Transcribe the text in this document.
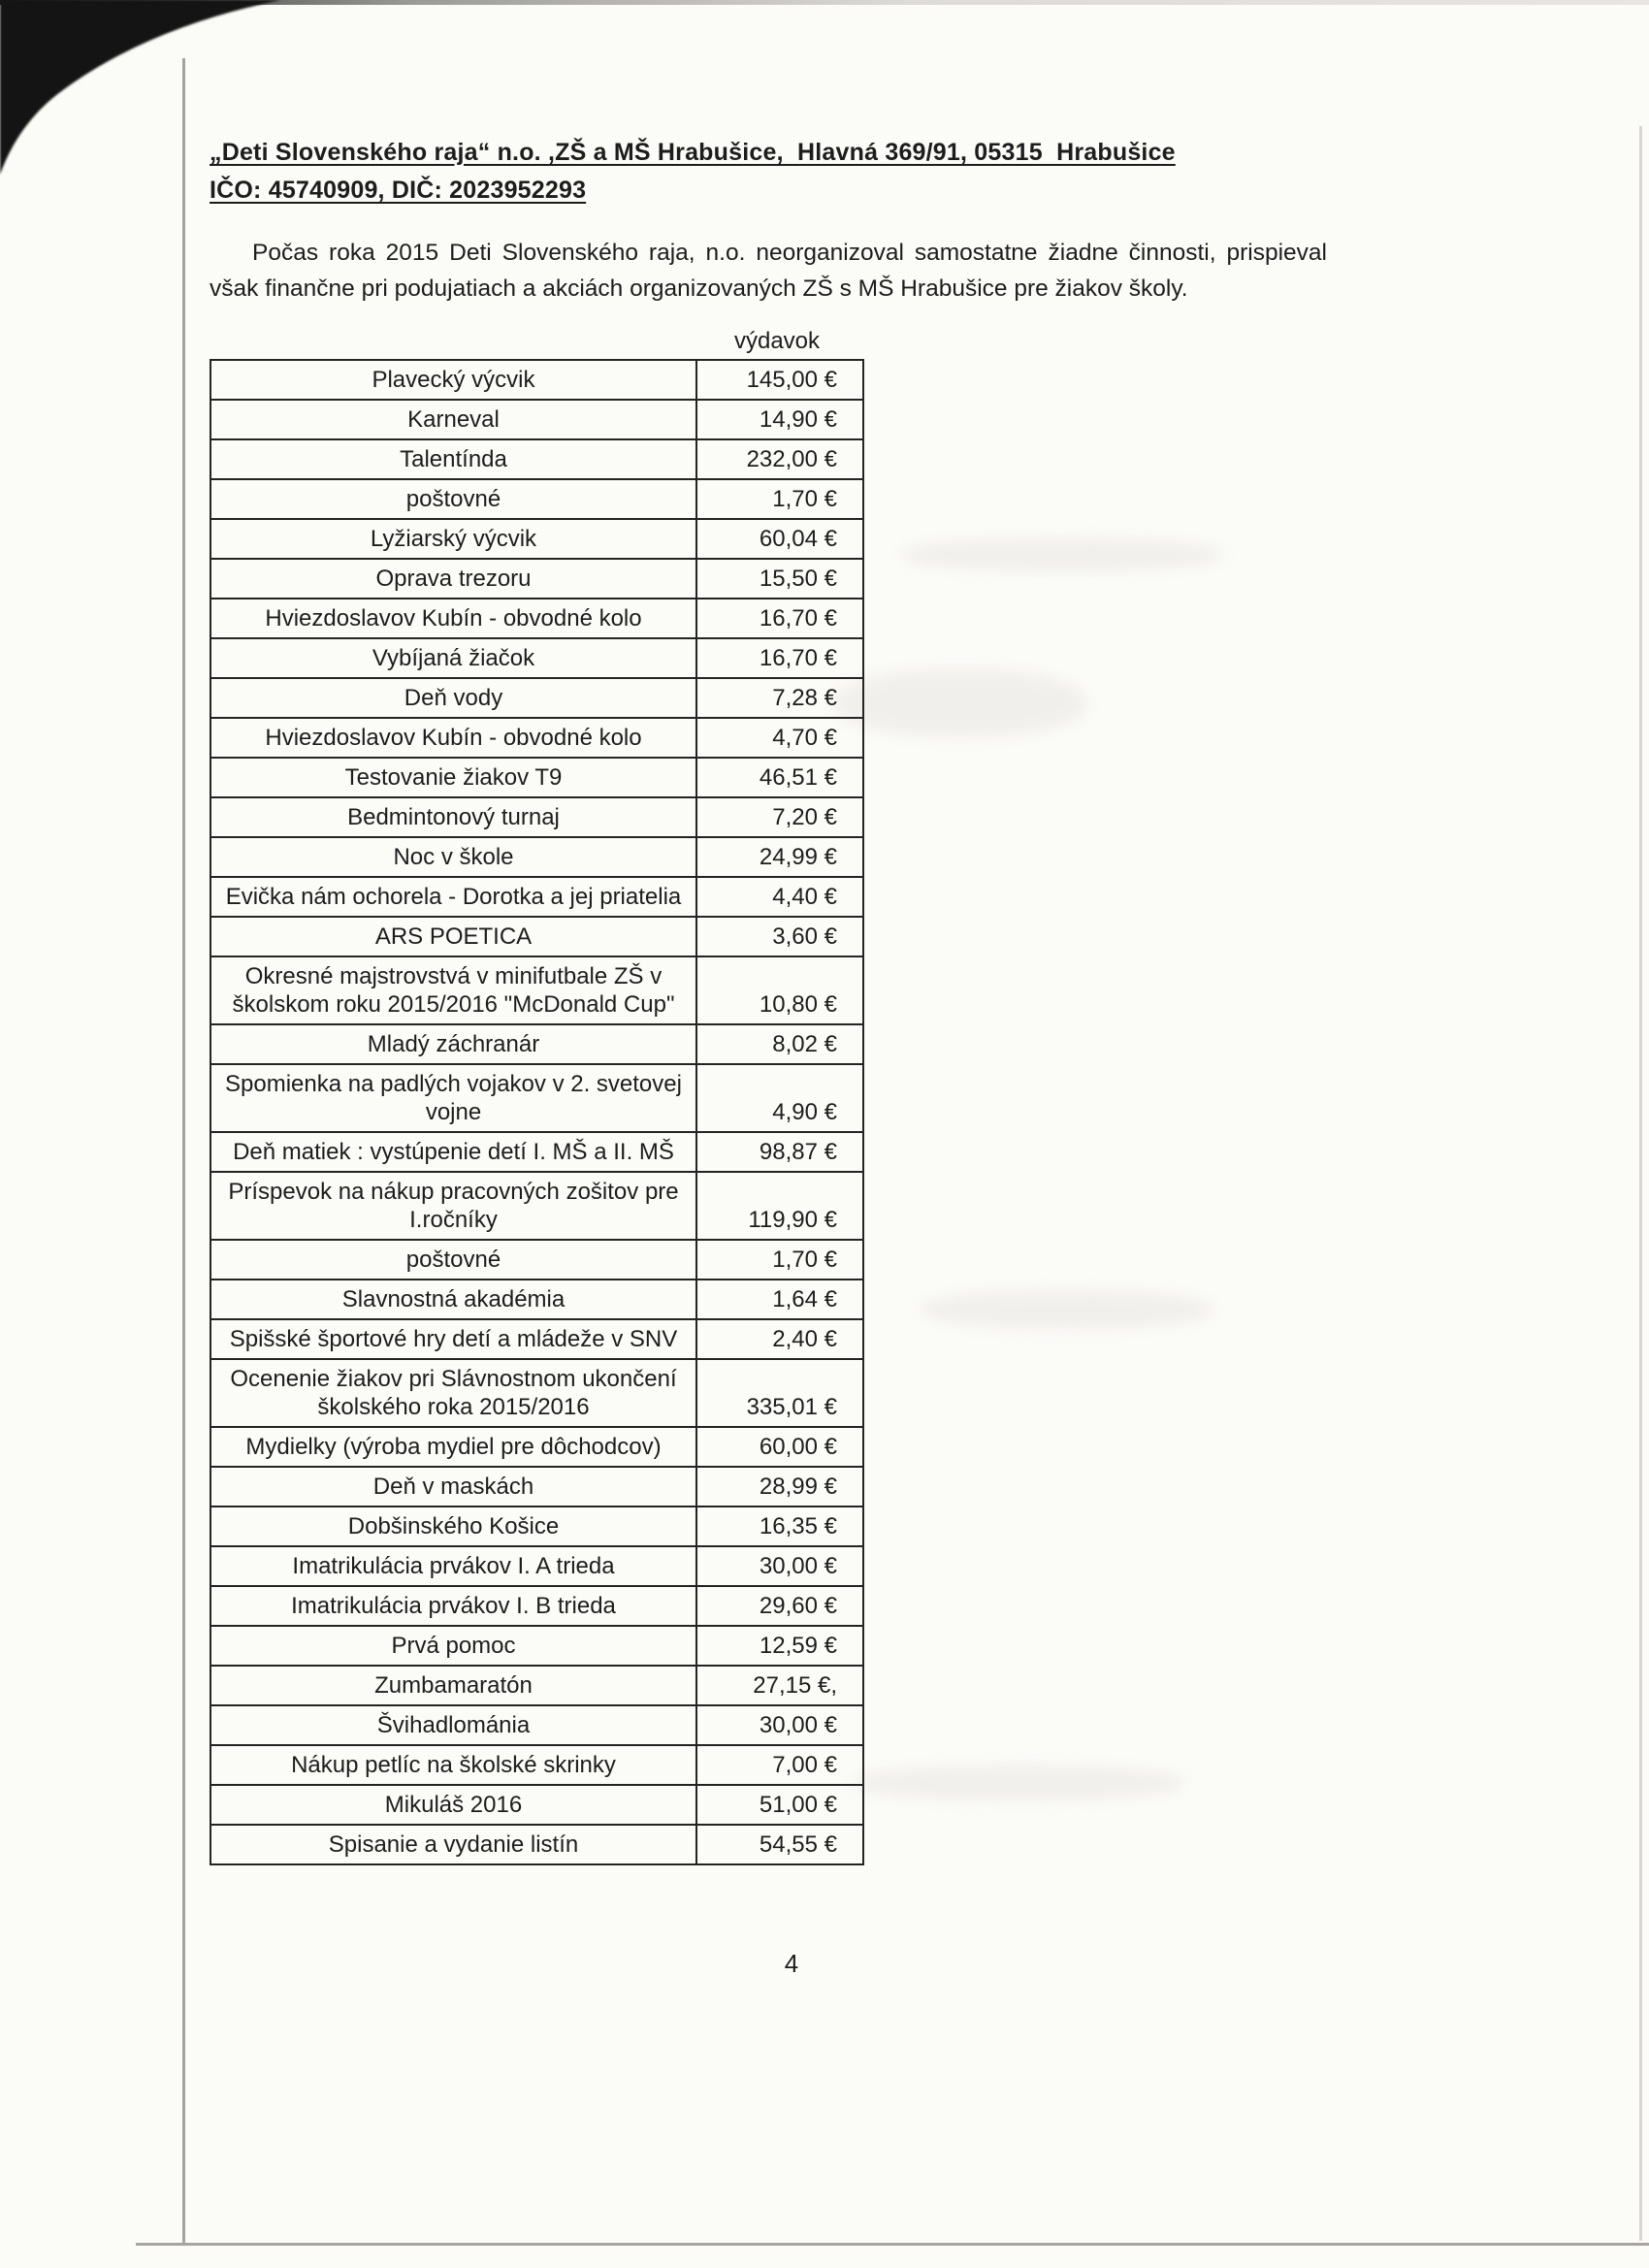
„Deti Slovenského raja“ n.o. ,ZŠ a MŠ Hrabušice,  Hlavná 369/91, 05315  Hrabušice
IČO: 45740909, DIČ: 2023952293

Počas roka 2015 Deti Slovenského raja, n.o. neorganizoval samostatne žiadne činnosti, prispieval však finančne pri podujatiach a akciách organizovaných ZŠ s MŠ Hrabušice pre žiakov školy.

výdavok
Plavecký výcvik	145,00 €
Karneval	14,90 €
Talentínda	232,00 €
poštovné	1,70 €
Lyžiarský výcvik	60,04 €
Oprava trezoru	15,50 €
Hviezdoslavov Kubín - obvodné kolo	16,70 €
Vybíjaná žiačok	16,70 €
Deň vody	7,28 €
Hviezdoslavov Kubín - obvodné kolo	4,70 €
Testovanie žiakov T9	46,51 €
Bedmintonový turnaj	7,20 €
Noc v škole	24,99 €
Evička nám ochorela - Dorotka a jej priatelia	4,40 €
ARS POETICA	3,60 €
Okresné majstrovstvá v minifutbale ZŠ v školskom roku 2015/2016 "McDonald Cup"	10,80 €
Mladý záchranár	8,02 €
Spomienka na padlých vojakov v 2. svetovej vojne	4,90 €
Deň matiek : vystúpenie detí I. MŠ a II. MŠ	98,87 €
Príspevok na nákup pracovných zošitov pre I.ročníky	119,90 €
poštovné	1,70 €
Slavnostná akadémia	1,64 €
Spišské športové hry detí a mládeže v SNV	2,40 €
Ocenenie žiakov pri Slávnostnom ukončení školského roka 2015/2016	335,01 €
Mydielky (výroba mydiel pre dôchodcov)	60,00 €
Deň v maskách	28,99 €
Dobšinského Košice	16,35 €
Imatrikulácia prvákov I. A trieda	30,00 €
Imatrikulácia prvákov I. B trieda	29,60 €
Prvá pomoc	12,59 €
Zumbamaratón	27,15 €,
Švihadlománia	30,00 €
Nákup petlíc na školské skrinky	7,00 €
Mikuláš 2016	51,00 €
Spisanie a vydanie listín	54,55 €
4
